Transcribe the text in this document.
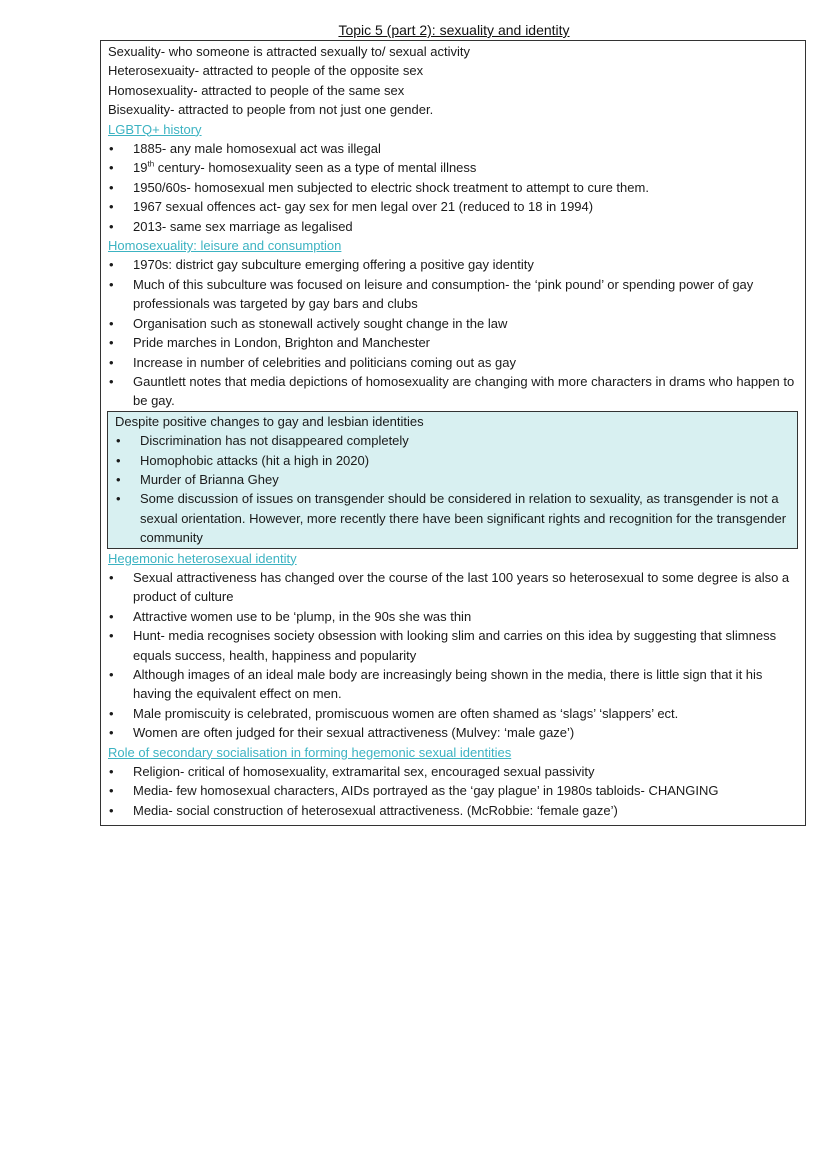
Topic 5 (part 2): sexuality and identity
Sexuality- who someone is attracted sexually to/ sexual activity
Heterosexuaity- attracted to people of the opposite sex
Homosexuality- attracted to people of the same sex
Bisexuality- attracted to people from not just one gender.
LGBTQ+ history
• 1885- any male homosexual act was illegal
• 19th century- homosexuality seen as a type of mental illness
• 1950/60s- homosexual men subjected to electric shock treatment to attempt to cure them.
• 1967 sexual offences act- gay sex for men legal over 21 (reduced to 18 in 1994)
• 2013- same sex marriage as legalised
Homosexuality: leisure and consumption
• 1970s: district gay subculture emerging offering a positive gay identity
• Much of this subculture was focused on leisure and consumption- the ‘pink pound’ or spending power of gay professionals was targeted by gay bars and clubs
• Organisation such as stonewall actively sought change in the law
• Pride marches in London, Brighton and Manchester
• Increase in number of celebrities and politicians coming out as gay
• Gauntlett notes that media depictions of homosexuality are changing with more characters in drams who happen to be gay.
Despite positive changes to gay and lesbian identities
• Discrimination has not disappeared completely
• Homophobic attacks (hit a high in 2020)
• Murder of Brianna Ghey
• Some discussion of issues on transgender should be considered in relation to sexuality, as transgender is not a sexual orientation. However, more recently there have been significant rights and recognition for the transgender community
Hegemonic heterosexual identity
• Sexual attractiveness has changed over the course of the last 100 years so heterosexual to some degree is also a product of culture
• Attractive women use to be ‘plump, in the 90s she was thin
• Hunt- media recognises society obsession with looking slim and carries on this idea by suggesting that slimness equals success, health, happiness and popularity
• Although images of an ideal male body are increasingly being shown in the media, there is little sign that it his having the equivalent effect on men.
• Male promiscuity is celebrated, promiscuous women are often shamed as ‘slags’ ‘slappers’ ect.
• Women are often judged for their sexual attractiveness (Mulvey: ‘male gaze’)
Role of secondary socialisation in forming hegemonic sexual identities
• Religion- critical of homosexuality, extramarital sex, encouraged sexual passivity
• Media- few homosexual characters, AIDs portrayed as the ‘gay plague’ in 1980s tabloids- CHANGING
• Media- social construction of heterosexual attractiveness. (McRobbie: ‘female gaze’)
